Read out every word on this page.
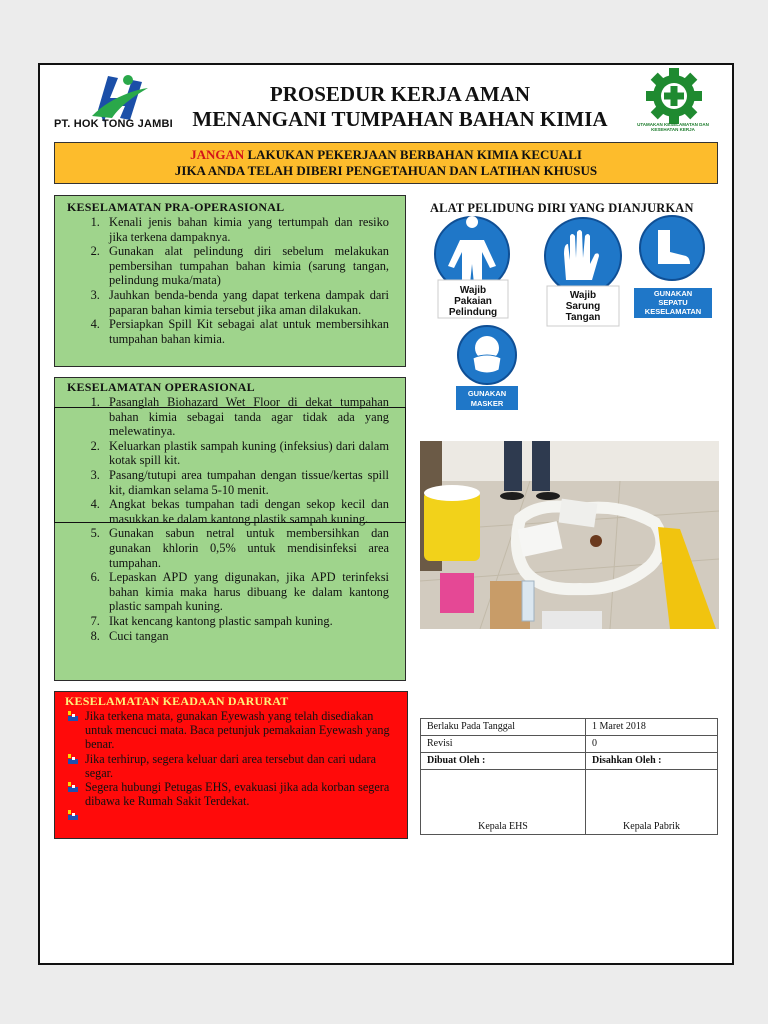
PT. HOK TONG JAMBI
PROSEDUR KERJA AMAN
MENANGANI TUMPAHAN BAHAN KIMIA	UTAMAKAN KESELAMATAN DAN KESEHATAN KERJA
JANGAN LAKUKAN PEKERJAAN BERBAHAN KIMIA KECUALI
JIKA ANDA TELAH DIBERI PENGETAHUAN DAN LATIHAN KHUSUS
KESELAMATAN PRA-OPERASIONAL
1. Kenali jenis bahan kimia yang tertumpah dan resiko jika terkena dampaknya.
2. Gunakan alat pelindung diri sebelum melakukan pembersihan tumpahan bahan kimia (sarung tangan, pelindung muka/mata)
3. Jauhkan benda-benda yang dapat terkena dampak dari paparan bahan kimia tersebut jika aman dilakukan.
4. Persiapkan Spill Kit sebagai alat untuk membersihkan tumpahan bahan kimia.
KESELAMATAN OPERASIONAL
1. Pasanglah Biohazard Wet Floor di dekat tumpahan bahan kimia sebagai tanda agar tidak ada yang melewatinya.
2. Keluarkan plastik sampah kuning (infeksius) dari dalam kotak spill kit.
3. Pasang/tutupi area tumpahan dengan tissue/kertas spill kit, diamkan selama 5-10 menit.
4. Angkat bekas tumpahan tadi dengan sekop kecil dan masukkan ke dalam kantong plastik sampah kuning.
5. Gunakan sabun netral untuk membersihkan dan gunakan khlorin 0,5% untuk mendisinfeksi area tumpahan.
6. Lepaskan APD yang digunakan, jika APD terinfeksi bahan kimia maka harus dibuang ke dalam kantong plastic sampah kuning.
7. Ikat kencang kantong plastic sampah kuning.
8. Cuci tangan
KESELAMATAN KEADAAN DARURAT
Jika terkena mata, gunakan Eyewash yang telah disediakan untuk mencuci mata. Baca petunjuk pemakaian Eyewash yang benar.
Jika terhirup, segera keluar dari area tersebut dan cari udara segar.
Segera hubungi Petugas EHS, evakuasi jika ada korban segera dibawa ke Rumah Sakit Terdekat.
ALAT PELIDUNG DIRI YANG DIANJURKAN
Wajib
Pakaian
Pelindung
Wajib
Sarung
Tangan
GUNAKAN
SEPATU
KESELAMATAN
GUNAKAN
MASKER
Berlaku Pada Tanggal	1 Maret 2018
Revisi	0
Dibuat Oleh :	Disahkan Oleh :
Kepala EHS	Kepala Pabrik
